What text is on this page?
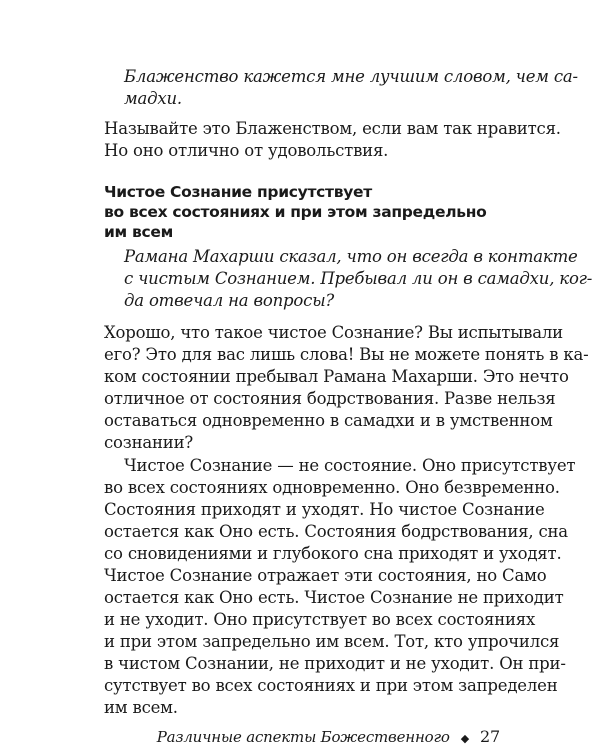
Блаженство кажется мне лучшим словом, чем са-
мадхи.
Называйте это Блаженством, если вам так нравится.
Но оно отлично от удовольствия.
Чистое Сознание присутствует
во всех состояниях и при этом запредельно
им всем
Рамана Махарши сказал, что он всегда в контакте
с чистым Сознанием. Пребывал ли он в самадхи, ког-
да отвечал на вопросы?
Хорошо, что такое чистое Сознание? Вы испытывали
его? Это для вас лишь слова! Вы не можете понять в ка-
ком состоянии пребывал Рамана Махарши. Это нечто
отличное от состояния бодрствования. Разве нельзя
оставаться одновременно в самадхи и в умственном
сознании?
Чистое Сознание — не состояние. Оно присутствует
во всех состояниях одновременно. Оно безвременно.
Состояния приходят и уходят. Но чистое Сознание
остается как Оно есть. Состояния бодрствования, сна
со сновидениями и глубокого сна приходят и уходят.
Чистое Сознание отражает эти состояния, но Само
остается как Оно есть. Чистое Сознание не приходит
и не уходит. Оно присутствует во всех состояниях
и при этом запредельно им всем. Тот, кто упрочился
в чистом Сознании, не приходит и не уходит. Он при-
сутствует во всех состояниях и при этом запределен
им всем.
Различные аспекты Божественного ◆ 27
